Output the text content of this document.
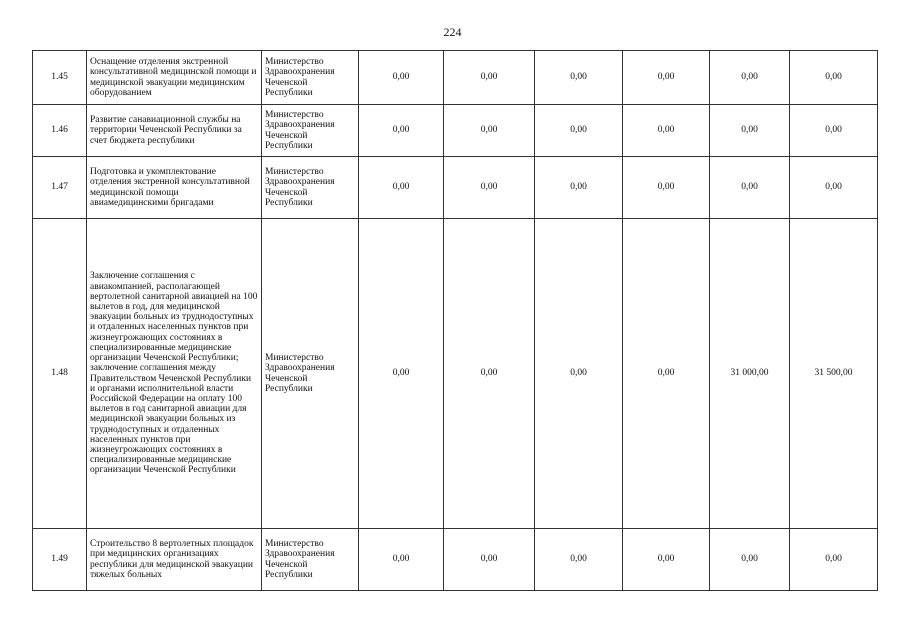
224
1.45	Оснащение отделения экстренной консультативной медицинской помощи и медицинской эвакуации медицинским оборудованием	Министерство Здравоохранения Чеченской Республики	0,00	0,00	0,00	0,00	0,00	0,00
1.46	Развитие санавиационной службы на территории Чеченской Республики за счет бюджета республики	Министерство Здравоохранения Чеченской Республики	0,00	0,00	0,00	0,00	0,00	0,00
1.47	Подготовка и укомплектование отделения экстренной консультативной медицинской помощи авиамедицинскими бригадами	Министерство Здравоохранения Чеченской Республики	0,00	0,00	0,00	0,00	0,00	0,00
1.48	Заключение соглашения с авиакомпанией, располагающей вертолетной санитарной авиацией на 100 вылетов в год, для медицинской эвакуации больных из труднодоступных и отдаленных населенных пунктов при жизнеугрожающих состояниях в специализированные медицинские организации Чеченской Республики; заключение соглашения между Правительством Чеченской Республики и органами исполнительной власти Российской Федерации на оплату 100 вылетов в год санитарной авиации для медицинской эвакуации больных из труднодоступных и отдаленных населенных пунктов при жизнеугрожающих состояниях в специализированные медицинские организации Чеченской Республики	Министерство Здравоохранения Чеченской Республики	0,00	0,00	0,00	0,00	31 000,00	31 500,00
1.49	Строительство 8 вертолетных площадок при медицинских организациях республики для медицинской эвакуации тяжелых больных	Министерство Здравоохранения Чеченской Республики	0,00	0,00	0,00	0,00	0,00	0,00
